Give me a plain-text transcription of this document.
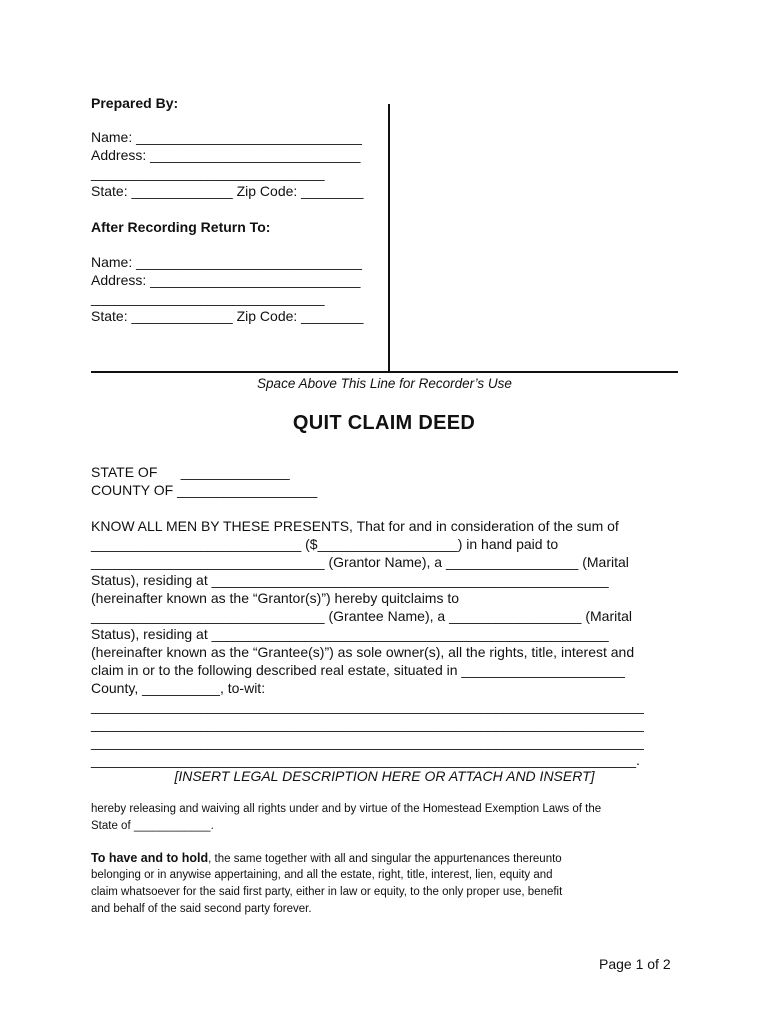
Prepared By:
Name: _____________________________
Address: ___________________________
______________________________
State: _____________ Zip Code: ________
After Recording Return To:
Name: _____________________________
Address: ___________________________
______________________________
State: _____________ Zip Code: ________
Space Above This Line for Recorder’s Use
QUIT CLAIM DEED
STATE OF      ______________
COUNTY OF __________________
KNOW ALL MEN BY THESE PRESENTS, That for and in consideration of the sum of
___________________________ ($__________________) in hand paid to
______________________________ (Grantor Name), a _________________ (Marital
Status), residing at ___________________________________________________
(hereinafter known as the “Grantor(s)”) hereby quitclaims to
______________________________ (Grantee Name), a _________________ (Marital
Status), residing at ___________________________________________________
(hereinafter known as the “Grantee(s)”) as sole owner(s), all the rights, title, interest and
claim in or to the following described real estate, situated in _____________________
County, __________, to-wit:
_______________________________________________________________________
_______________________________________________________________________
_______________________________________________________________________
______________________________________________________________________.
[INSERT LEGAL DESCRIPTION HERE OR ATTACH AND INSERT]
hereby releasing and waiving all rights under and by virtue of the Homestead Exemption Laws of the
State of ____________.
To have and to hold, the same together with all and singular the appurtenances thereunto
belonging or in anywise appertaining, and all the estate, right, title, interest, lien, equity and
claim whatsoever for the said first party, either in law or equity, to the only proper use, benefit
and behalf of the said second party forever.
Page 1 of 2
